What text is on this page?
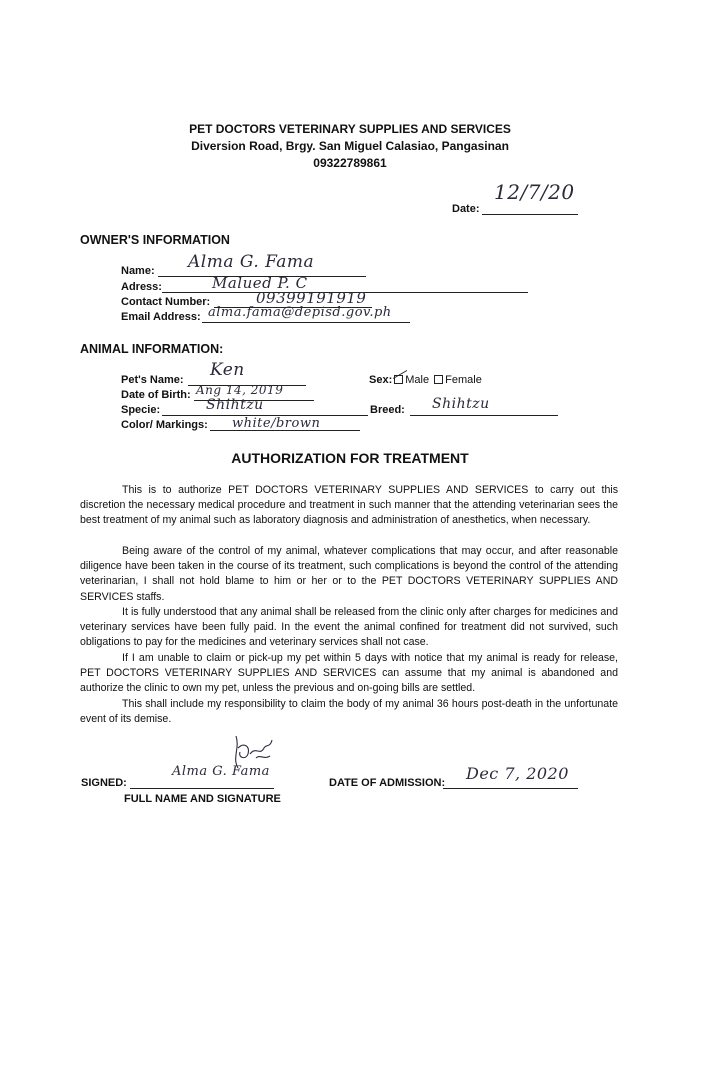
PET DOCTORS VETERINARY SUPPLIES AND SERVICES
Diversion Road, Brgy. San Miguel Calasiao, Pangasinan
09322789861
Date:
12/7/20
OWNER'S INFORMATION
Name: Alma G. Fama
Adress:	Malued P. C
Contact Number:	09399191919
Email Address: alma.fama@depisd.gov.ph
ANIMAL INFORMATION:
Pet's Name: Ken	Sex: Male Female
Date of Birth: Ang 14, 2019
Specie:	Shihtzu	Breed: Shihtzu
Color/ Markings: white/brown
AUTHORIZATION FOR TREATMENT

This is to authorize PET DOCTORS VETERINARY SUPPLIES AND SERVICES to carry out this discretion the necessary medical procedure and treatment in such manner that the attending veterinarian sees the best treatment of my animal such as laboratory diagnosis and administration of anesthetics, when necessary.

Being aware of the control of my animal, whatever complications that may occur, and after reasonable diligence have been taken in the course of its treatment, such complications is beyond the control of the attending veterinarian, I shall not hold blame to him or her or to the PET DOCTORS VETERINARY SUPPLIES AND SERVICES staffs.

It is fully understood that any animal shall be released from the clinic only after charges for medicines and veterinary services have been fully paid. In the event the animal confined for treatment did not survived, such obligations to pay for the medicines and veterinary services shall not case.

If I am unable to claim or pick-up my pet within 5 days with notice that my animal is ready for release, PET DOCTORS VETERINARY SUPPLIES AND SERVICES can assume that my animal is abandoned and authorize the clinic to own my pet, unless the previous and on-going bills are settled.

This shall include my responsibility to claim the body of my animal 36 hours post-death in the unfortunate event of its demise.

SIGNED:
Alma G. Fama
FULL NAME AND SIGNATURE
DATE OF ADMISSION: Dec 7, 2020
